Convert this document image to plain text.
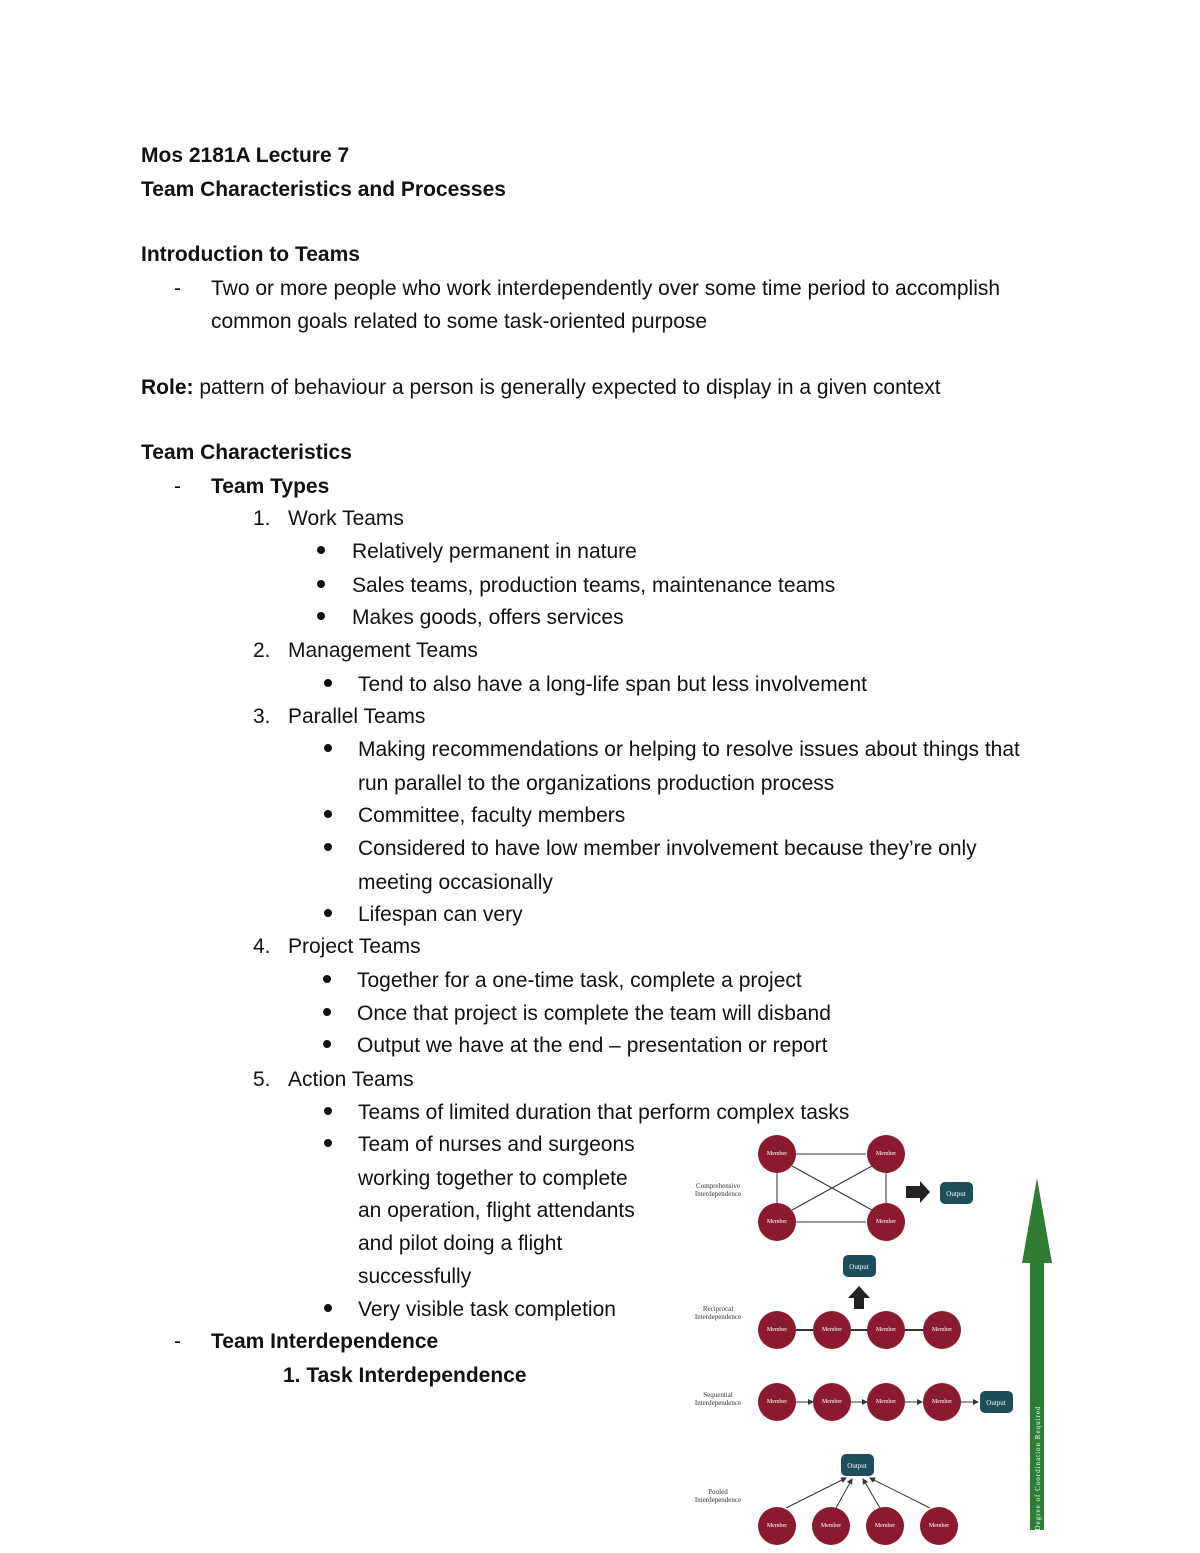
Mos 2181A Lecture 7
Team Characteristics and Processes
Introduction to Teams
- Two or more people who work interdependently over some time period to accomplish
common goals related to some task-oriented purpose
Role: pattern of behaviour a person is generally expected to display in a given context
Team Characteristics
- Team Types
1. Work Teams
Relatively permanent in nature
Sales teams, production teams, maintenance teams
Makes goods, offers services
2. Management Teams
Tend to also have a long-life span but less involvement
3. Parallel Teams
Making recommendations or helping to resolve issues about things that
run parallel to the organizations production process
Committee, faculty members
Considered to have low member involvement because they’re only
meeting occasionally
Lifespan can very
4. Project Teams
Together for a one-time task, complete a project
Once that project is complete the team will disband
Output we have at the end – presentation or report
5. Action Teams
Teams of limited duration that perform complex tasks
Team of nurses and surgeons
working together to complete
an operation, flight attendants
and pilot doing a flight
successfully
Very visible task completion
- Team Interdependence
1. Task Interdependence
Comprehensive
Interdependence
Member	Member
Member	Member
Output
Output
Reciprocal
Interdependence
Member	Member	Member	Member
Sequential
Interdependence	Member	Member	Member	Member	Output
Output
Pooled
Interdependence
Member	Member	Member	Member	Degree of Coordination Required
